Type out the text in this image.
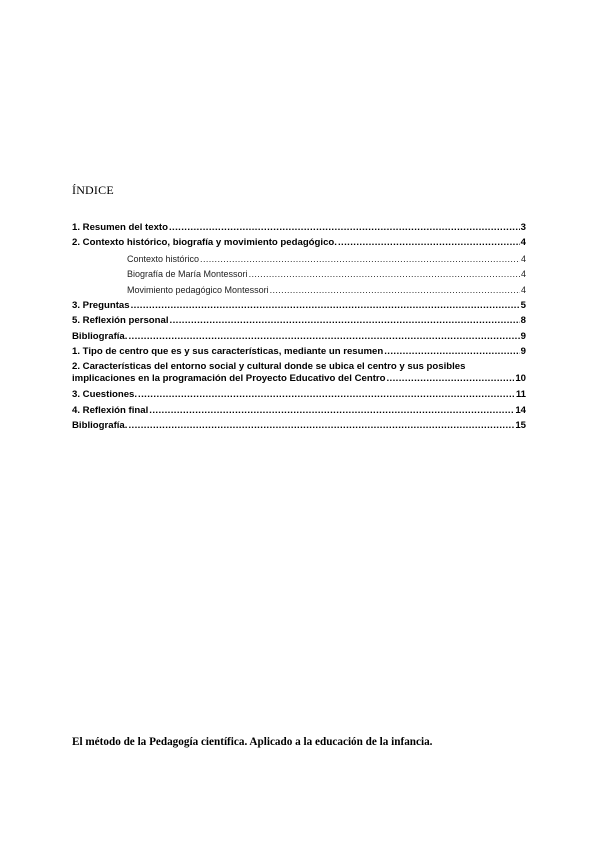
ÍNDICE
1. Resumen del texto .....	3
2. Contexto histórico, biografía y movimiento pedagógico. .....	4
Contexto histórico .....	4
Biografía de María Montessori .....	4
Movimiento pedagógico Montessori .....	4
3. Preguntas .....	5
5. Reflexión personal .....	8
Bibliografía. .....	9
1. Tipo de centro que es y sus características, mediante un resumen .....	9
2. Características del entorno social y cultural donde se ubica el centro y sus posibles
implicaciones en la programación del Proyecto Educativo del Centro .....	10
3. Cuestiones. .....	11
4. Reflexión final .....	14
Bibliografía. .....	15
El método de la Pedagogía científica. Aplicado a la educación de la infancia.
